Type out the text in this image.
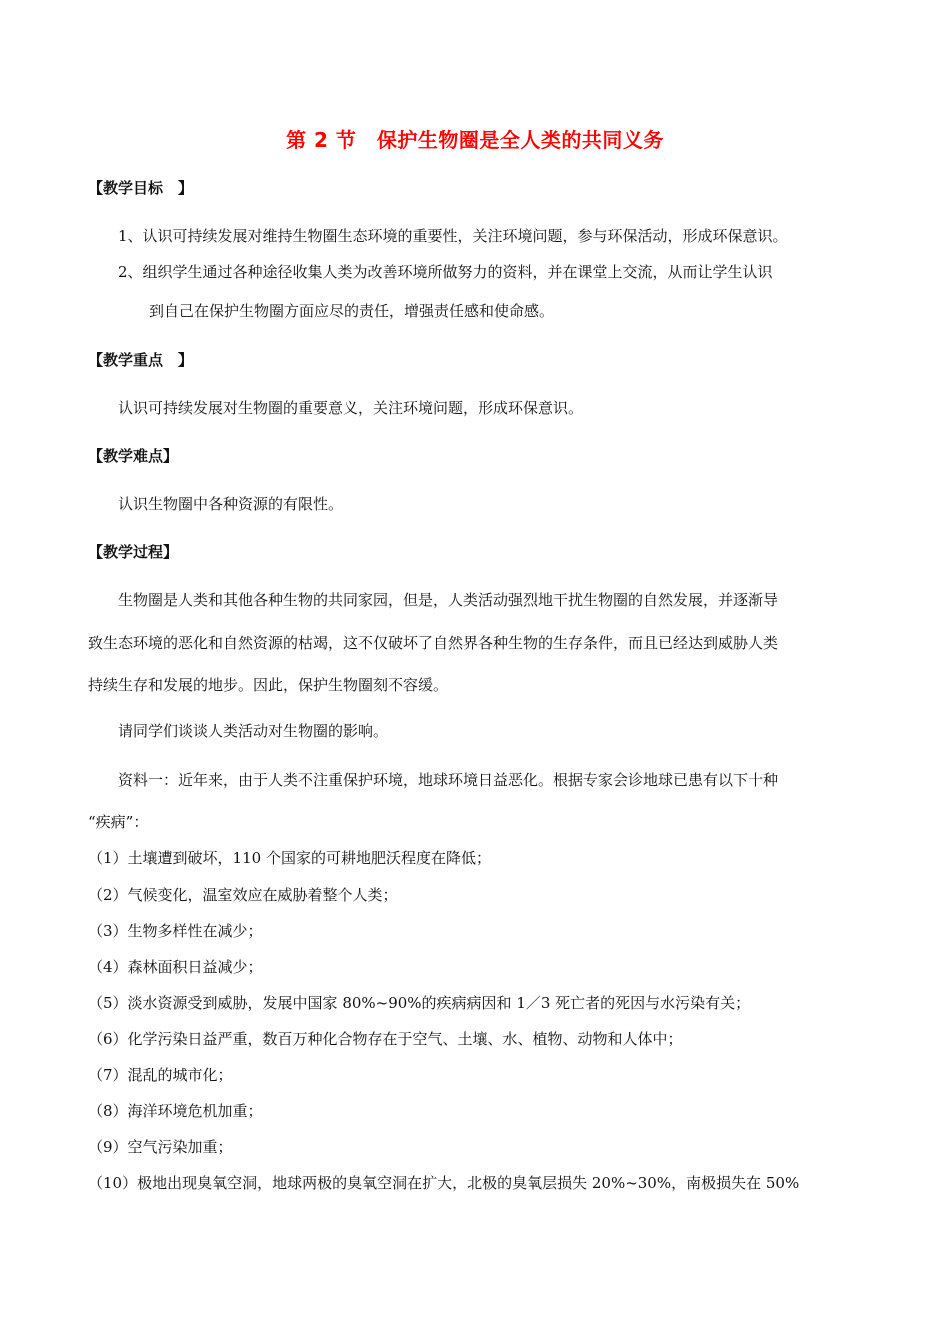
第 2 节　保护生物圈是全人类的共同义务
【教学目标　】
1、认识可持续发展对维持生物圈生态环境的重要性，关注环境问题，参与环保活动，形成环保意识。
2、组织学生通过各种途径收集人类为改善环境所做努力的资料，并在课堂上交流，从而让学生认识
到自己在保护生物圈方面应尽的责任，增强责任感和使命感。
【教学重点　】
认识可持续发展对生物圈的重要意义，关注环境问题，形成环保意识。
【教学难点】
认识生物圈中各种资源的有限性。
【教学过程】
生物圈是人类和其他各种生物的共同家园，但是，人类活动强烈地干扰生物圈的自然发展，并逐渐导
致生态环境的恶化和自然资源的枯竭，这不仅破坏了自然界各种生物的生存条件，而且已经达到威胁人类
持续生存和发展的地步。因此，保护生物圈刻不容缓。
请同学们谈谈人类活动对生物圈的影响。
资料一：近年来，由于人类不注重保护环境，地球环境日益恶化。根据专家会诊地球已患有以下十种
“疾病”：
（1）土壤遭到破坏，110 个国家的可耕地肥沃程度在降低；
（2）气候变化，温室效应在威胁着整个人类；
（3）生物多样性在减少；
（4）森林面积日益减少；
（5）淡水资源受到威胁，发展中国家 80%~90%的疾病病因和 1／3 死亡者的死因与水污染有关；
（6）化学污染日益严重，数百万种化合物存在于空气、土壤、水、植物、动物和人体中；
（7）混乱的城市化；
（8）海洋环境危机加重；
（9）空气污染加重；
（10）极地出现臭氧空洞，地球两极的臭氧空洞在扩大，北极的臭氧层损失 20%~30%，南极损失在 50%
